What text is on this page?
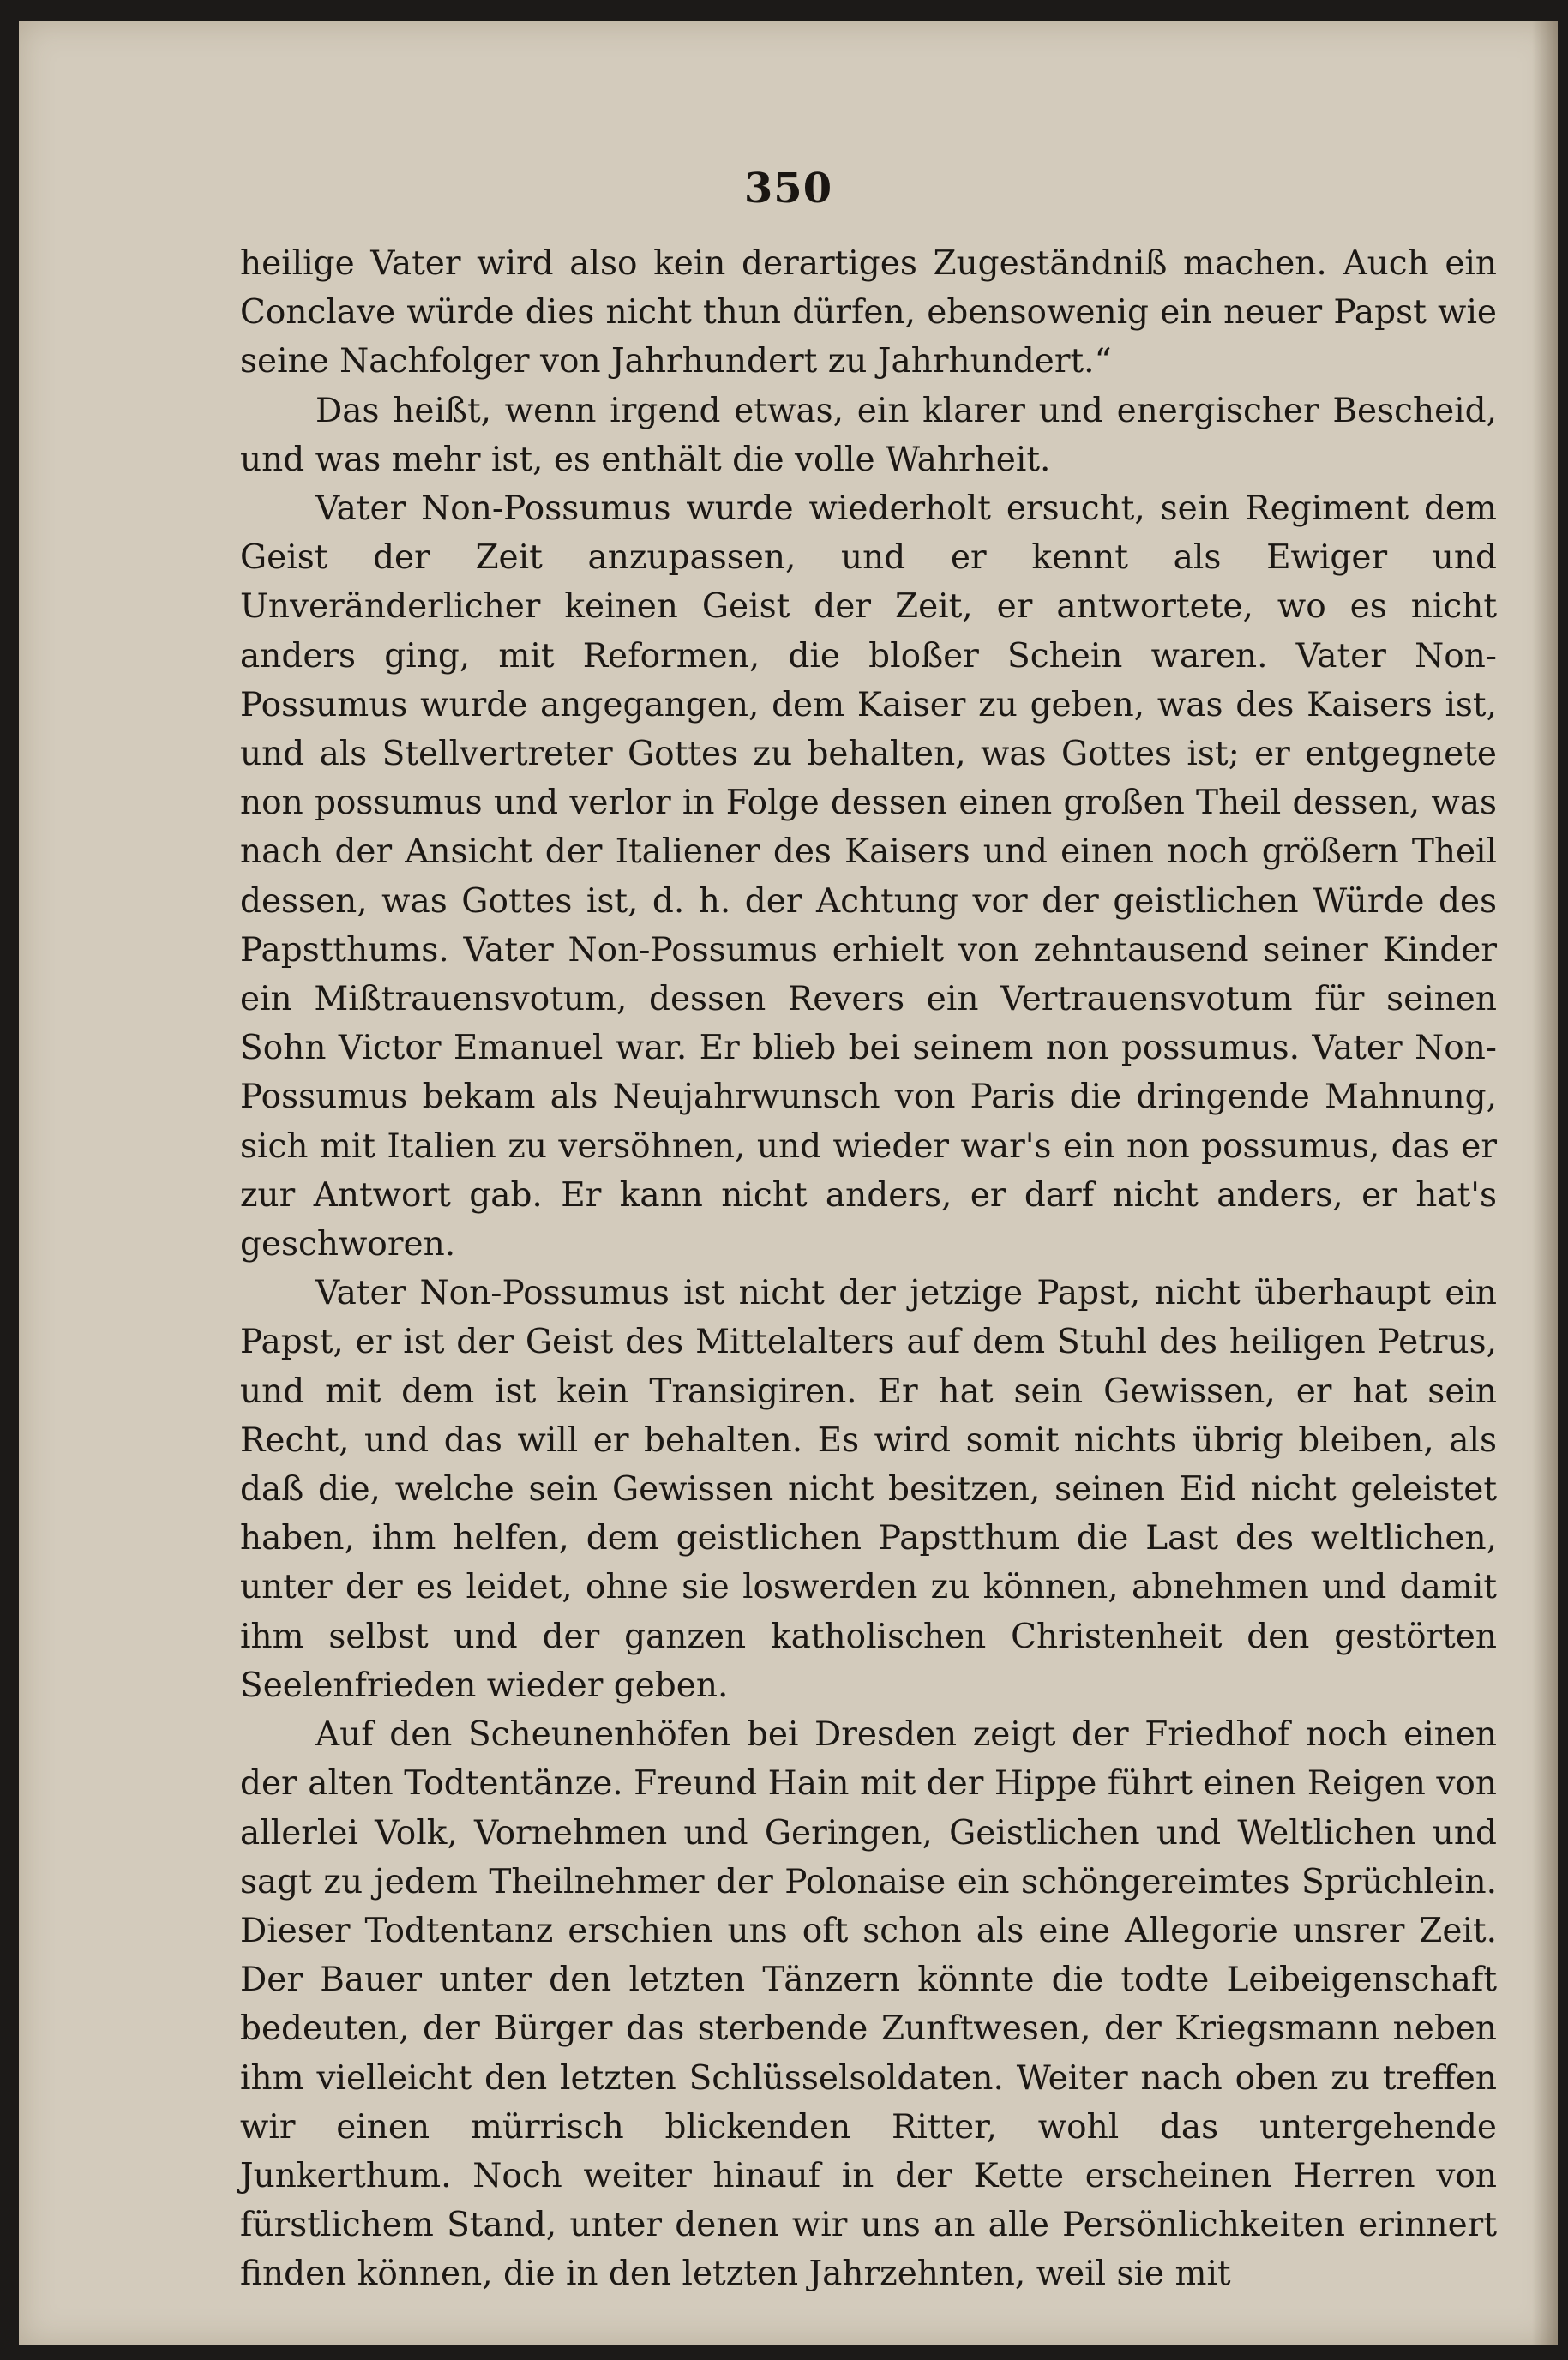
350

heilige Vater wird also kein derartiges Zugeständniß machen. Auch ein Conclave würde dies nicht thun dürfen, ebensowenig ein neuer Papst wie seine Nachfolger von Jahrhundert zu Jahrhundert.“

Das heißt, wenn irgend etwas, ein klarer und energischer Bescheid, und was mehr ist, es enthält die volle Wahrheit.

Vater Non-Possumus wurde wiederholt ersucht, sein Regiment dem Geist der Zeit anzupassen, und er kennt als Ewiger und Unveränderlicher keinen Geist der Zeit, er antwortete, wo es nicht anders ging, mit Reformen, die bloßer Schein waren. Vater Non-Possumus wurde angegangen, dem Kaiser zu geben, was des Kaisers ist, und als Stellvertreter Gottes zu behalten, was Gottes ist; er entgegnete non possumus und verlor in Folge dessen einen großen Theil dessen, was nach der Ansicht der Italiener des Kaisers und einen noch größern Theil dessen, was Gottes ist, d. h. der Achtung vor der geistlichen Würde des Papstthums. Vater Non-Possumus erhielt von zehntausend seiner Kinder ein Mißtrauensvotum, dessen Revers ein Vertrauensvotum für seinen Sohn Victor Emanuel war. Er blieb bei seinem non possumus. Vater Non-Possumus bekam als Neujahrwunsch von Paris die dringende Mahnung, sich mit Italien zu versöhnen, und wieder war's ein non possumus, das er zur Antwort gab. Er kann nicht anders, er darf nicht anders, er hat's geschworen.

Vater Non-Possumus ist nicht der jetzige Papst, nicht überhaupt ein Papst, er ist der Geist des Mittelalters auf dem Stuhl des heiligen Petrus, und mit dem ist kein Transigiren. Er hat sein Gewissen, er hat sein Recht, und das will er behalten. Es wird somit nichts übrig bleiben, als daß die, welche sein Gewissen nicht besitzen, seinen Eid nicht geleistet haben, ihm helfen, dem geistlichen Papstthum die Last des weltlichen, unter der es leidet, ohne sie loswerden zu können, abnehmen und damit ihm selbst und der ganzen katholischen Christenheit den gestörten Seelenfrieden wieder geben.

Auf den Scheunenhöfen bei Dresden zeigt der Friedhof noch einen der alten Todtentänze. Freund Hain mit der Hippe führt einen Reigen von allerlei Volk, Vornehmen und Geringen, Geistlichen und Weltlichen und sagt zu jedem Theilnehmer der Polonaise ein schöngereimtes Sprüchlein. Dieser Todtentanz erschien uns oft schon als eine Allegorie unsrer Zeit. Der Bauer unter den letzten Tänzern könnte die todte Leibeigenschaft bedeuten, der Bürger das sterbende Zunftwesen, der Kriegsmann neben ihm vielleicht den letzten Schlüsselsoldaten. Weiter nach oben zu treffen wir einen mürrisch blickenden Ritter, wohl das untergehende Junkerthum. Noch weiter hinauf in der Kette erscheinen Herren von fürstlichem Stand, unter denen wir uns an alle Persönlichkeiten erinnert finden können, die in den letzten Jahrzehnten, weil sie mit
